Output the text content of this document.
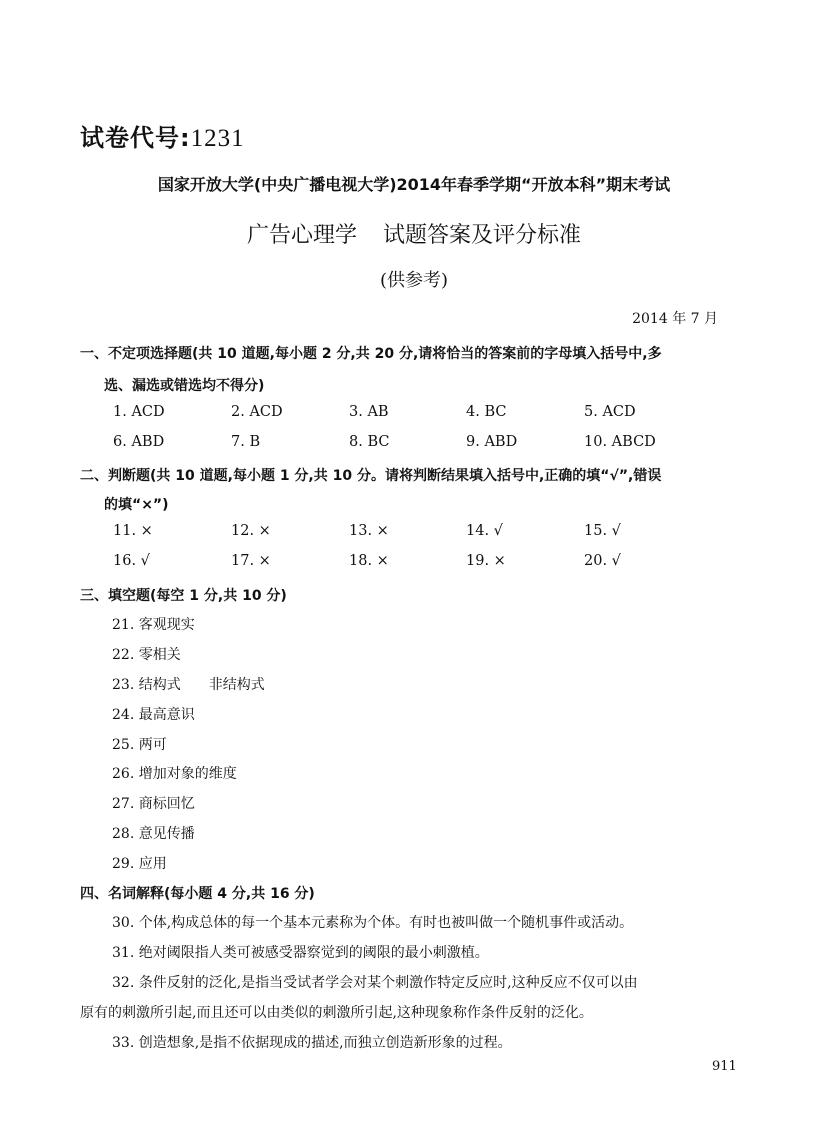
试卷代号:1231
国家开放大学(中央广播电视大学)2014年春季学期“开放本科”期末考试
广告心理学 试题答案及评分标准
(供参考)
2014 年 7 月
一、不定项选择题(共 10 道题,每小题 2 分,共 20 分,请将恰当的答案前的字母填入括号中,多
选、漏选或错选均不得分)
1. ACD	2. ACD	3. AB	4. BC	5. ACD
6. ABD	7. B	8. BC	9. ABD	10. ABCD
二、判断题(共 10 道题,每小题 1 分,共 10 分。请将判断结果填入括号中,正确的填“√”,错误
的填“×”)
11. ×	12. ×	13. ×	14. √	15. √
16. √	17. ×	18. ×	19. ×	20. √
三、填空题(每空 1 分,共 10 分)
21. 客观现实
22. 零相关
23. 结构式　　非结构式
24. 最高意识
25. 两可
26. 增加对象的维度
27. 商标回忆
28. 意见传播
29. 应用
四、名词解释(每小题 4 分,共 16 分)
30. 个体,构成总体的每一个基本元素称为个体。有时也被叫做一个随机事件或活动。
31. 绝对阈限指人类可被感受器察觉到的阈限的最小刺激植。
32. 条件反射的泛化,是指当受试者学会对某个刺激作特定反应时,这种反应不仅可以由
原有的刺激所引起,而且还可以由类似的刺激所引起,这种现象称作条件反射的泛化。
33. 创造想象,是指不依据现成的描述,而独立创造新形象的过程。
911
